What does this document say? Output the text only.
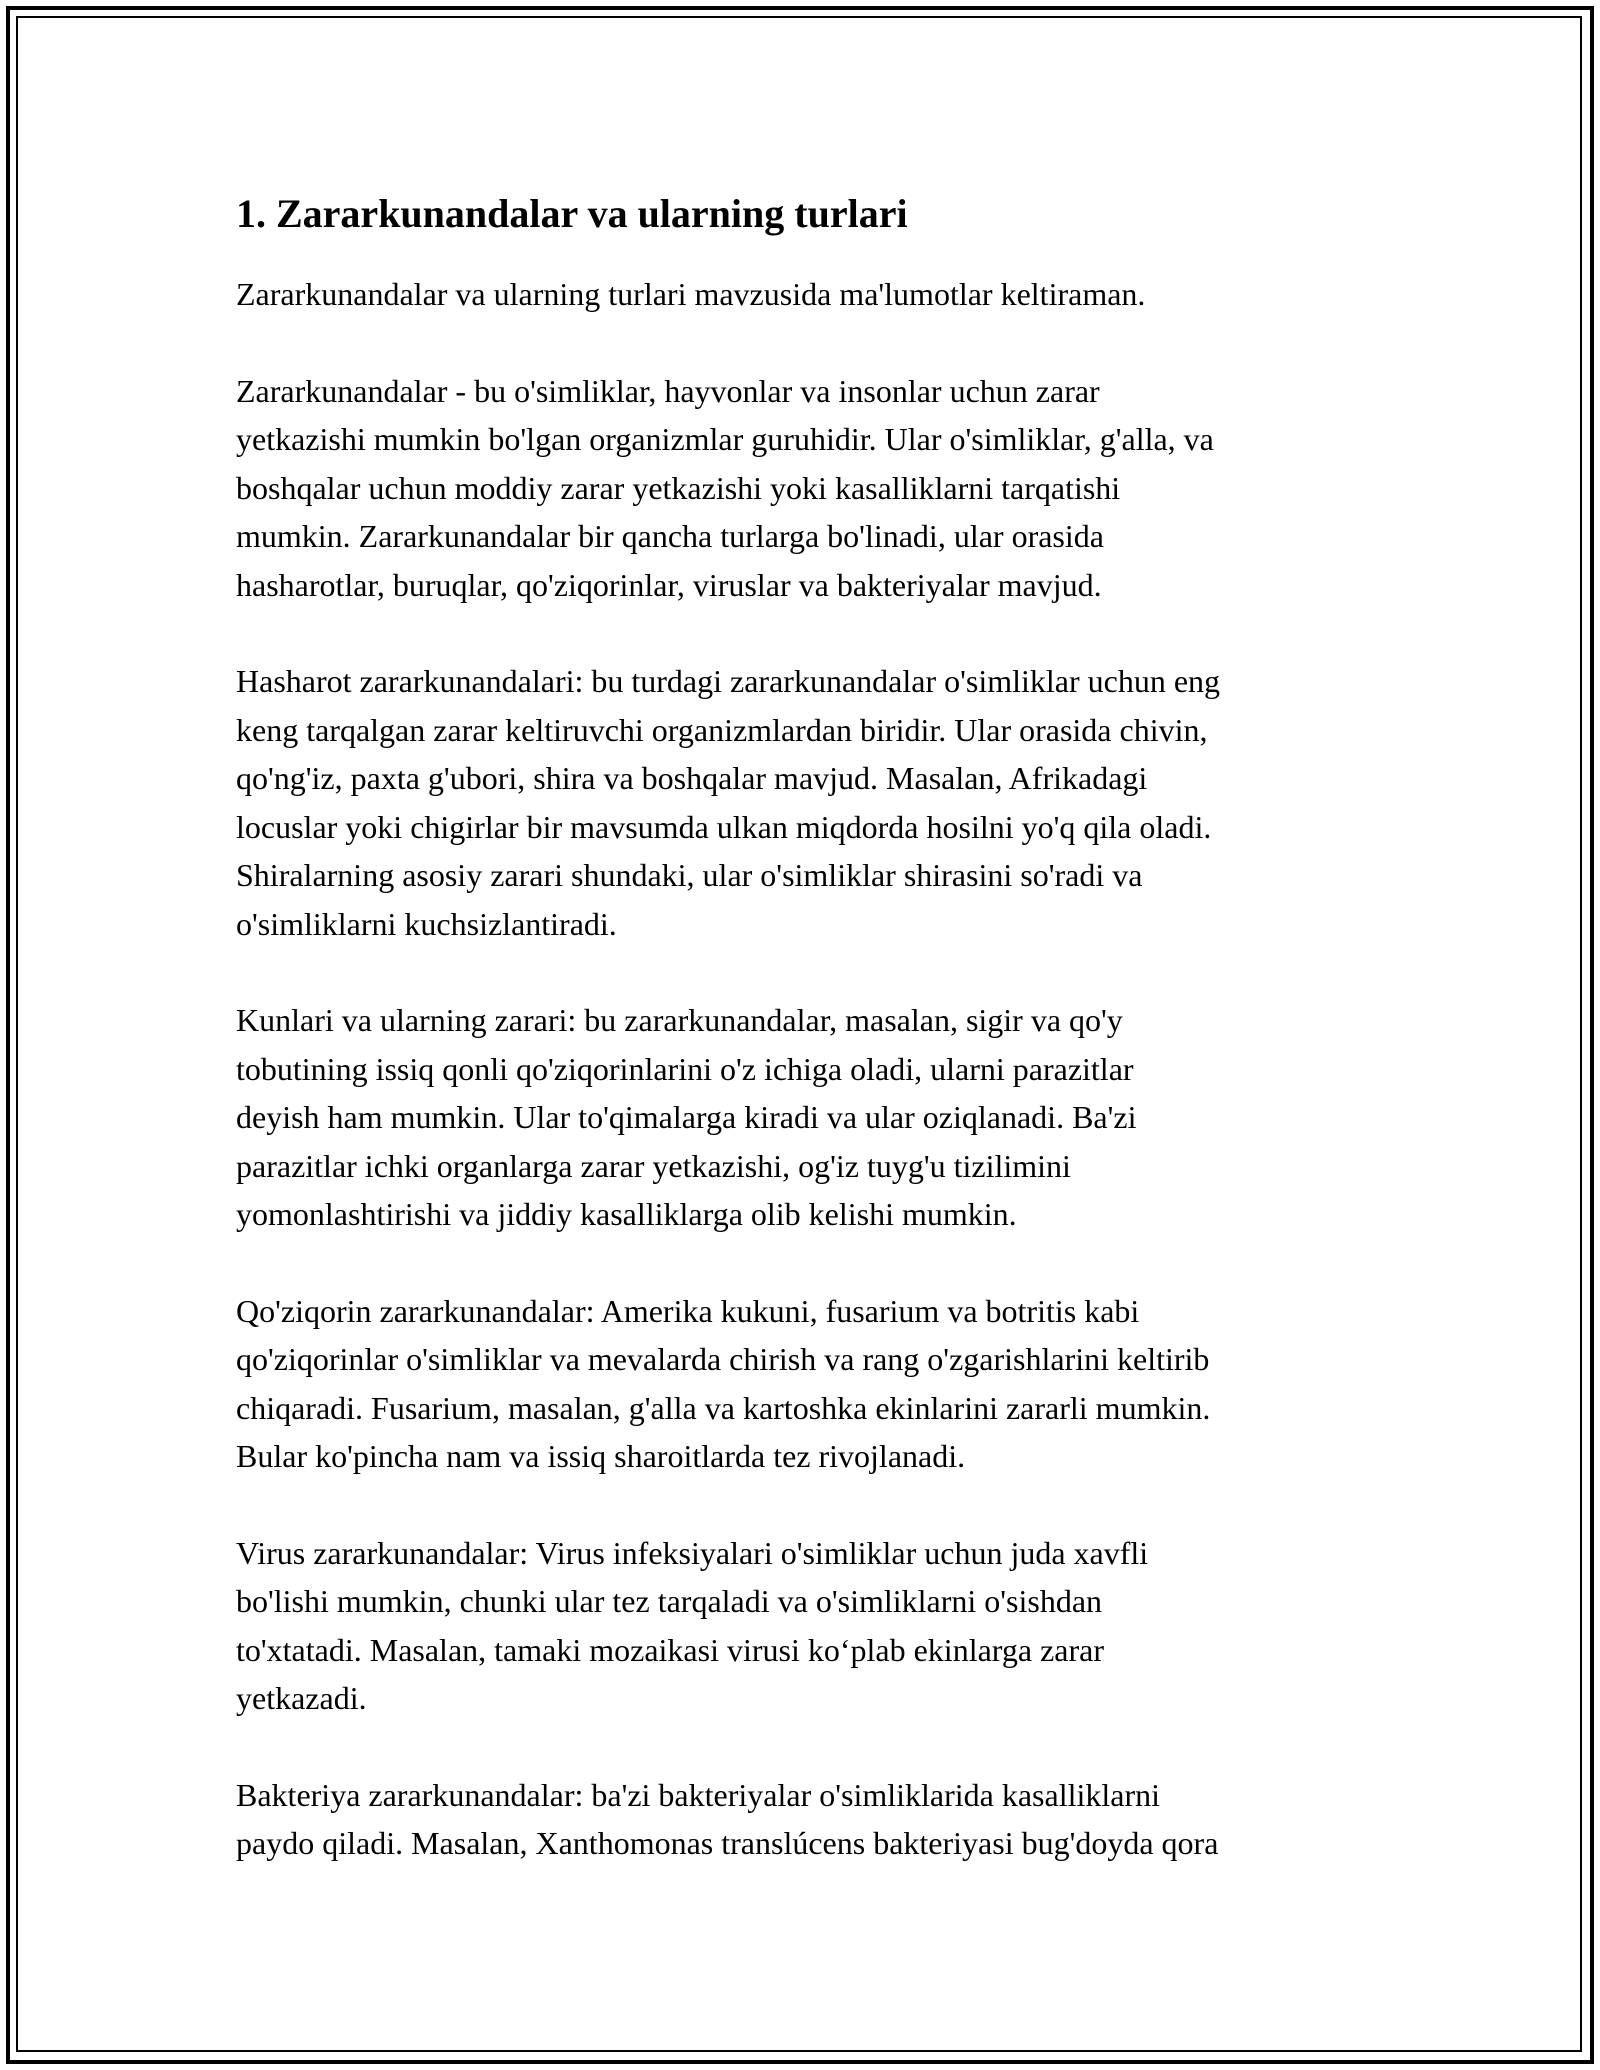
1. Zararkunandalar va ularning turlari

Zararkunandalar va ularning turlari mavzusida ma'lumotlar keltiraman.

Zararkunandalar - bu o'simliklar, hayvonlar va insonlar uchun zarar
yetkazishi mumkin bo'lgan organizmlar guruhidir. Ular o'simliklar, g'alla, va
boshqalar uchun moddiy zarar yetkazishi yoki kasalliklarni tarqatishi
mumkin. Zararkunandalar bir qancha turlarga bo'linadi, ular orasida
hasharotlar, buruqlar, qo'ziqorinlar, viruslar va bakteriyalar mavjud.

Hasharot zararkunandalari: bu turdagi zararkunandalar o'simliklar uchun eng
keng tarqalgan zarar keltiruvchi organizmlardan biridir. Ular orasida chivin,
qo'ng'iz, paxta g'ubori, shira va boshqalar mavjud. Masalan, Afrikadagi
locuslar yoki chigirlar bir mavsumda ulkan miqdorda hosilni yo'q qila oladi.
Shiralarning asosiy zarari shundaki, ular o'simliklar shirasini so'radi va
o'simliklarni kuchsizlantiradi.

Kunlari va ularning zarari: bu zararkunandalar, masalan, sigir va qo'y
tobutining issiq qonli qo'ziqorinlarini o'z ichiga oladi, ularni parazitlar
deyish ham mumkin. Ular to'qimalarga kiradi va ular oziqlanadi. Ba'zi
parazitlar ichki organlarga zarar yetkazishi, og'iz tuyg'u tizilimini
yomonlashtirishi va jiddiy kasalliklarga olib kelishi mumkin.

Qo'ziqorin zararkunandalar: Amerika kukuni, fusarium va botritis kabi
qo'ziqorinlar o'simliklar va mevalarda chirish va rang o'zgarishlarini keltirib
chiqaradi. Fusarium, masalan, g'alla va kartoshka ekinlarini zararli mumkin.
Bular ko'pincha nam va issiq sharoitlarda tez rivojlanadi.

Virus zararkunandalar: Virus infeksiyalari o'simliklar uchun juda xavfli
bo'lishi mumkin, chunki ular tez tarqaladi va o'simliklarni o'sishdan
to'xtatadi. Masalan, tamaki mozaikasi virusi ko‘plab ekinlarga zarar
yetkazadi.

Bakteriya zararkunandalar: ba'zi bakteriyalar o'simliklarida kasalliklarni
paydo qiladi. Masalan, Xanthomonas translúcens bakteriyasi bug'doyda qora
